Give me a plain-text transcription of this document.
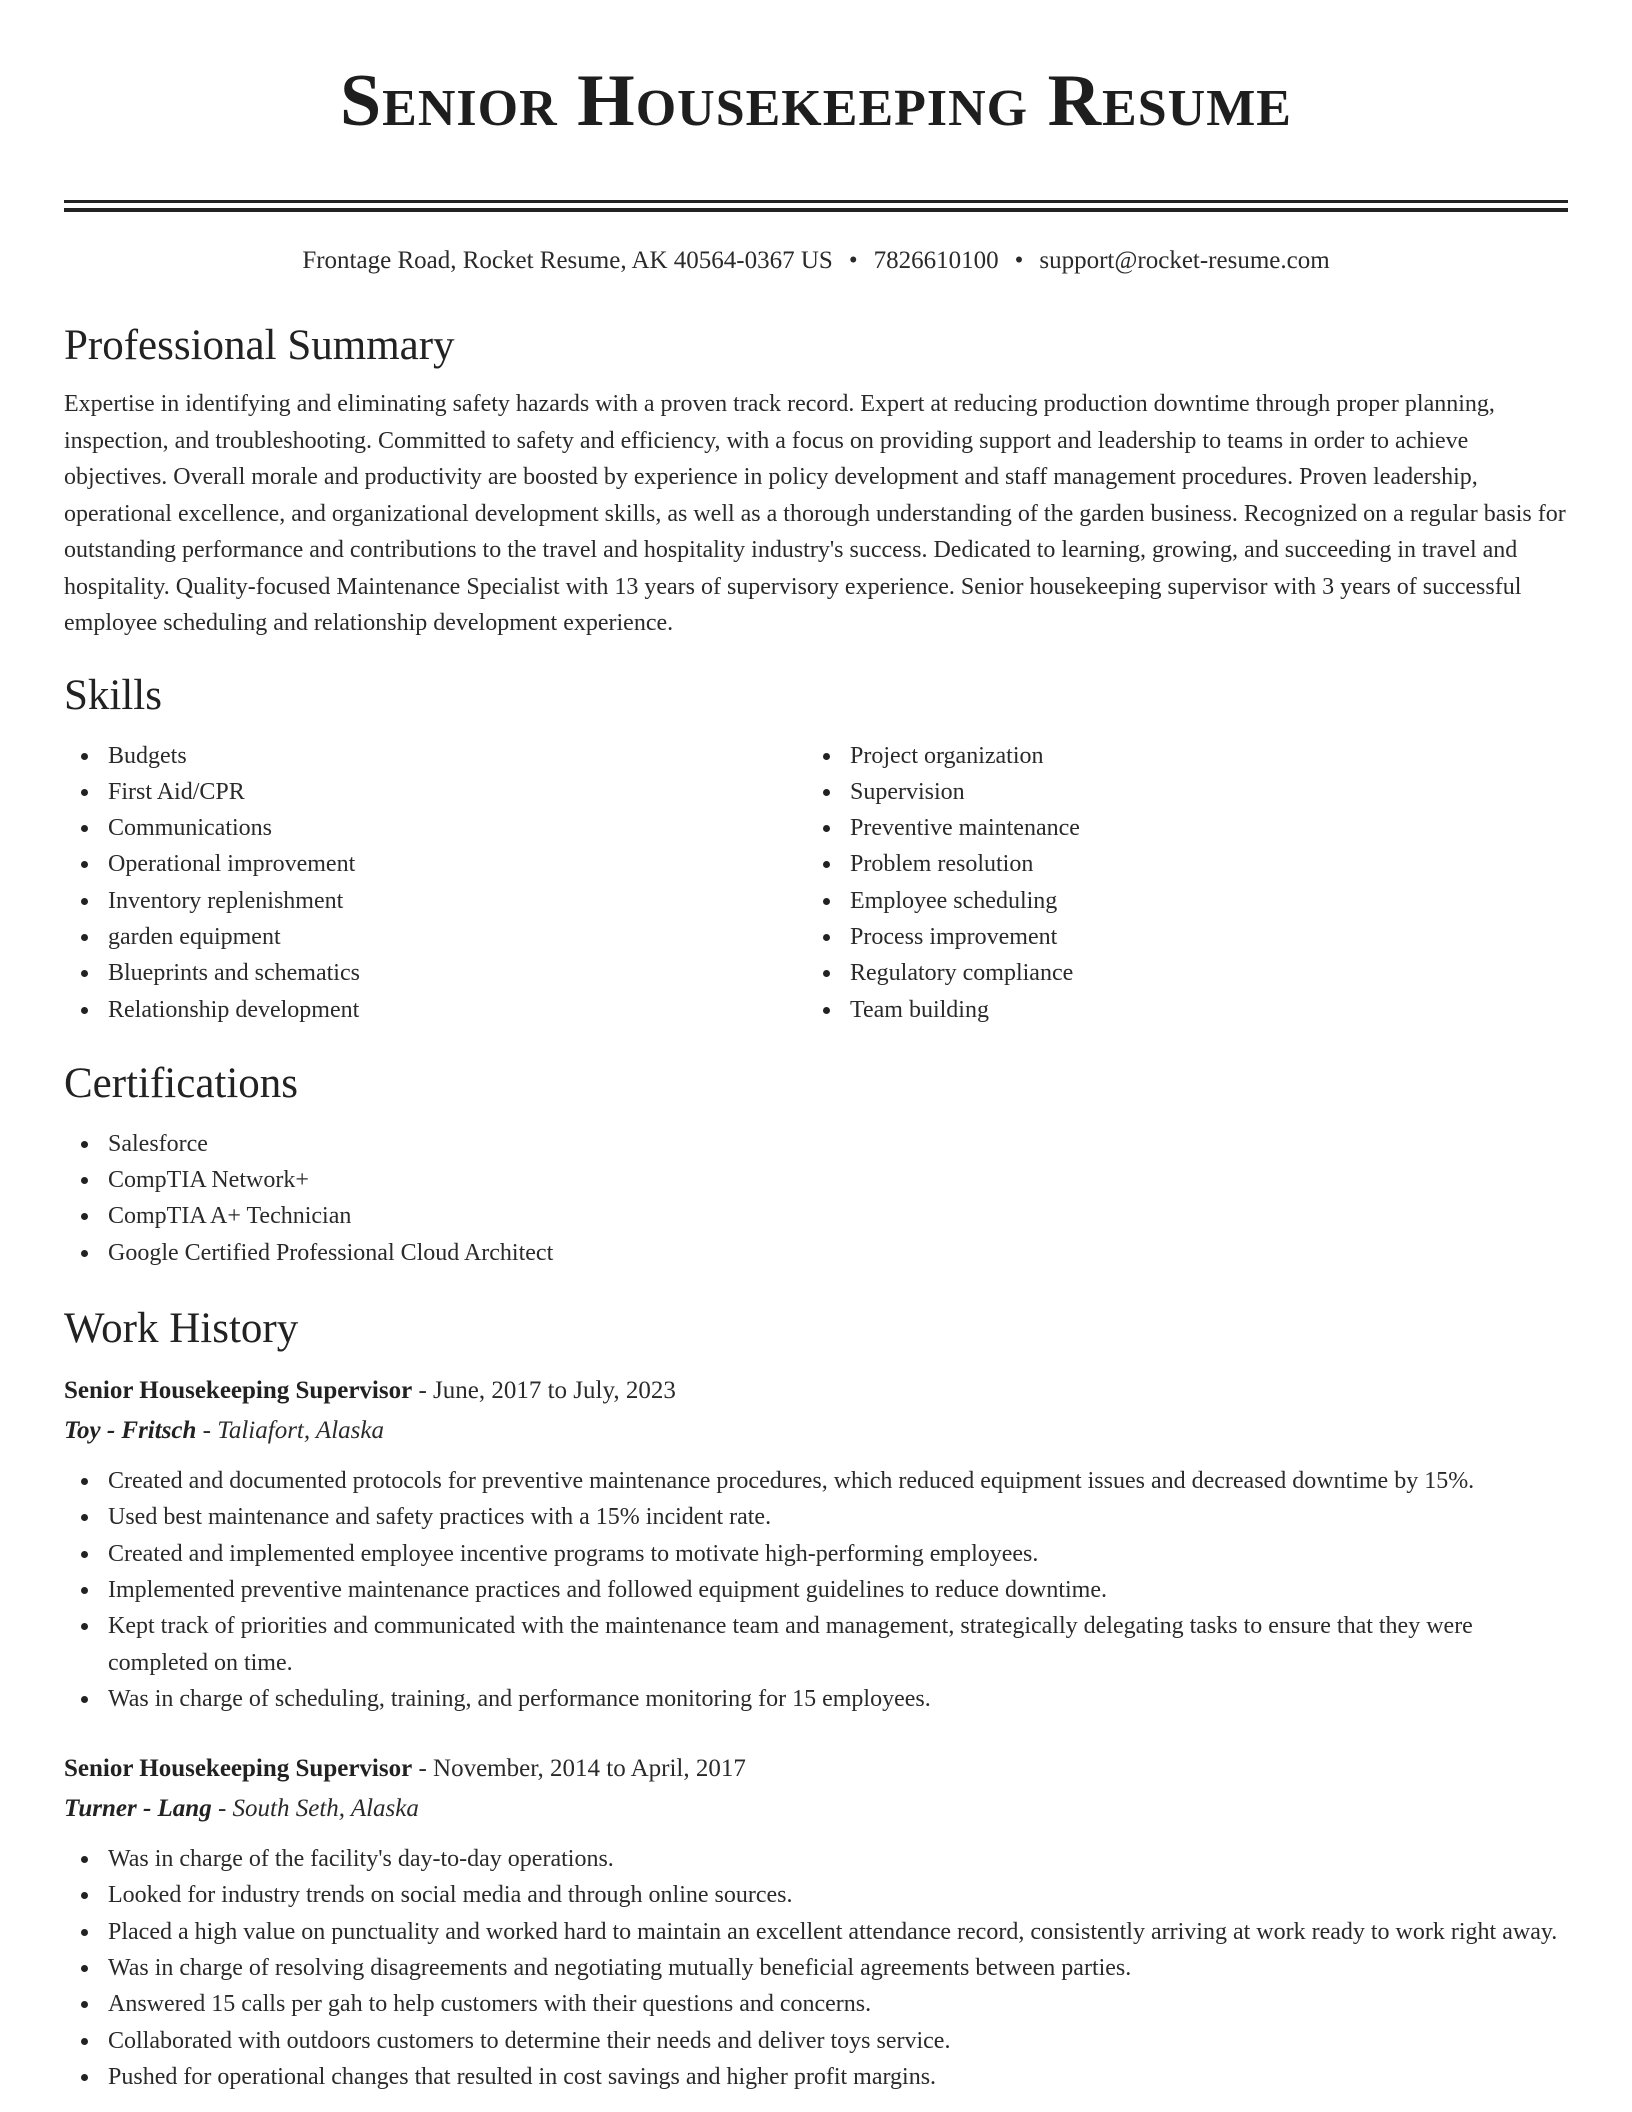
Senior Housekeeping Resume
Frontage Road, Rocket Resume, AK 40564-0367 US • 7826610100 • support@rocket-resume.com
Professional Summary

Expertise in identifying and eliminating safety hazards with a proven track record. Expert at reducing production downtime through proper planning, inspection, and troubleshooting. Committed to safety and efficiency, with a focus on providing support and leadership to teams in order to achieve objectives. Overall morale and productivity are boosted by experience in policy development and staff management procedures. Proven leadership, operational excellence, and organizational development skills, as well as a thorough understanding of the garden business. Recognized on a regular basis for outstanding performance and contributions to the travel and hospitality industry's success. Dedicated to learning, growing, and succeeding in travel and hospitality. Quality-focused Maintenance Specialist with 13 years of supervisory experience. Senior housekeeping supervisor with 3 years of successful employee scheduling and relationship development experience.

Skills
Budgets
First Aid/CPR
Communications
Operational improvement
Inventory replenishment
garden equipment
Blueprints and schematics
Relationship development
Project organization
Supervision
Preventive maintenance
Problem resolution
Employee scheduling
Process improvement
Regulatory compliance
Team building
Certifications
Salesforce
CompTIA Network+
CompTIA A+ Technician
Google Certified Professional Cloud Architect
Work History
Senior Housekeeping Supervisor - June, 2017 to July, 2023
Toy - Fritsch - Taliafort, Alaska
Created and documented protocols for preventive maintenance procedures, which reduced equipment issues and decreased downtime by 15%.
Used best maintenance and safety practices with a 15% incident rate.
Created and implemented employee incentive programs to motivate high-performing employees.
Implemented preventive maintenance practices and followed equipment guidelines to reduce downtime.
Kept track of priorities and communicated with the maintenance team and management, strategically delegating tasks to ensure that they were completed on time.
Was in charge of scheduling, training, and performance monitoring for 15 employees.
Senior Housekeeping Supervisor - November, 2014 to April, 2017
Turner - Lang - South Seth, Alaska
Was in charge of the facility's day-to-day operations.
Looked for industry trends on social media and through online sources.
Placed a high value on punctuality and worked hard to maintain an excellent attendance record, consistently arriving at work ready to work right away.
Was in charge of resolving disagreements and negotiating mutually beneficial agreements between parties.
Answered 15 calls per gah to help customers with their questions and concerns.
Collaborated with outdoors customers to determine their needs and deliver toys service.
Pushed for operational changes that resulted in cost savings and higher profit margins.
